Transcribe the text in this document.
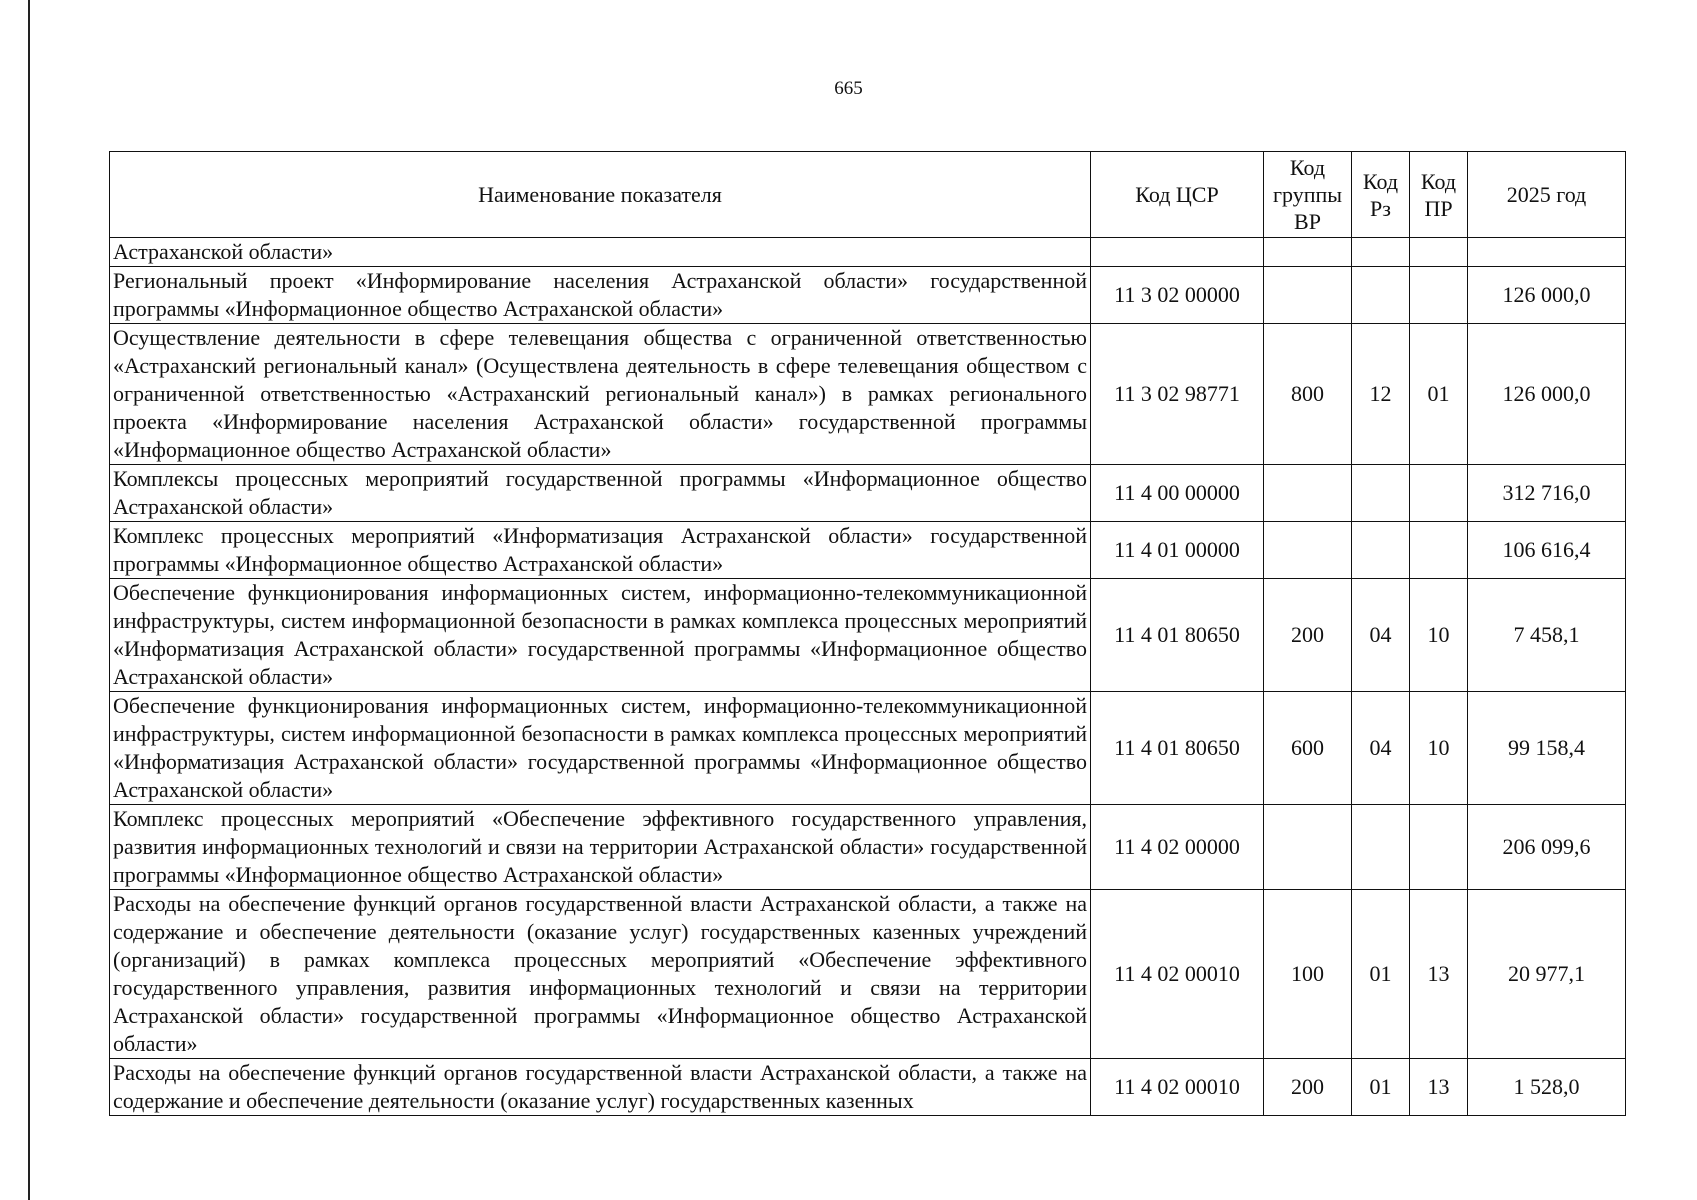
665
Наименование показателя	Код ЦСР	Код группы ВР	Код Рз	Код ПР	2025 год
Астраханской области»					
Региональный проект «Информирование населения Астраханской области» государственной программы «Информационное общество Астраханской области»	11 3 02 00000				126 000,0
Осуществление деятельности в сфере телевещания общества с ограниченной ответственностью «Астраханский региональный канал» (Осуществлена деятельность в сфере телевещания обществом с ограниченной ответственностью «Астраханский региональный канал») в рамках регионального проекта «Информирование населения Астраханской области» государственной программы «Информационное общество Астраханской области»	11 3 02 98771	800	12	01	126 000,0
Комплексы процессных мероприятий государственной программы «Информационное общество Астраханской области»	11 4 00 00000				312 716,0
Комплекс процессных мероприятий «Информатизация Астраханской области» государственной программы «Информационное общество Астраханской области»	11 4 01 00000				106 616,4
Обеспечение функционирования информационных систем, информационно-телекоммуникационной инфраструктуры, систем информационной безопасности в рамках комплекса процессных мероприятий «Информатизация Астраханской области» государственной программы «Информационное общество Астраханской области»	11 4 01 80650	200	04	10	7 458,1
Обеспечение функционирования информационных систем, информационно-телекоммуникационной инфраструктуры, систем информационной безопасности в рамках комплекса процессных мероприятий «Информатизация Астраханской области» государственной программы «Информационное общество Астраханской области»	11 4 01 80650	600	04	10	99 158,4
Комплекс процессных мероприятий «Обеспечение эффективного государственного управления, развития информационных технологий и связи на территории Астраханской области» государственной программы «Информационное общество Астраханской области»	11 4 02 00000				206 099,6
Расходы на обеспечение функций органов государственной власти Астраханской области, а также на содержание и обеспечение деятельности (оказание услуг) государственных казенных учреждений (организаций) в рамках комплекса процессных мероприятий «Обеспечение эффективного государственного управления, развития информационных технологий и связи на территории Астраханской области» государственной программы «Информационное общество Астраханской области»	11 4 02 00010	100	01	13	20 977,1
Расходы на обеспечение функций органов государственной власти Астраханской области, а также на содержание и обеспечение деятельности (оказание услуг) государственных казенных	11 4 02 00010	200	01	13	1 528,0
